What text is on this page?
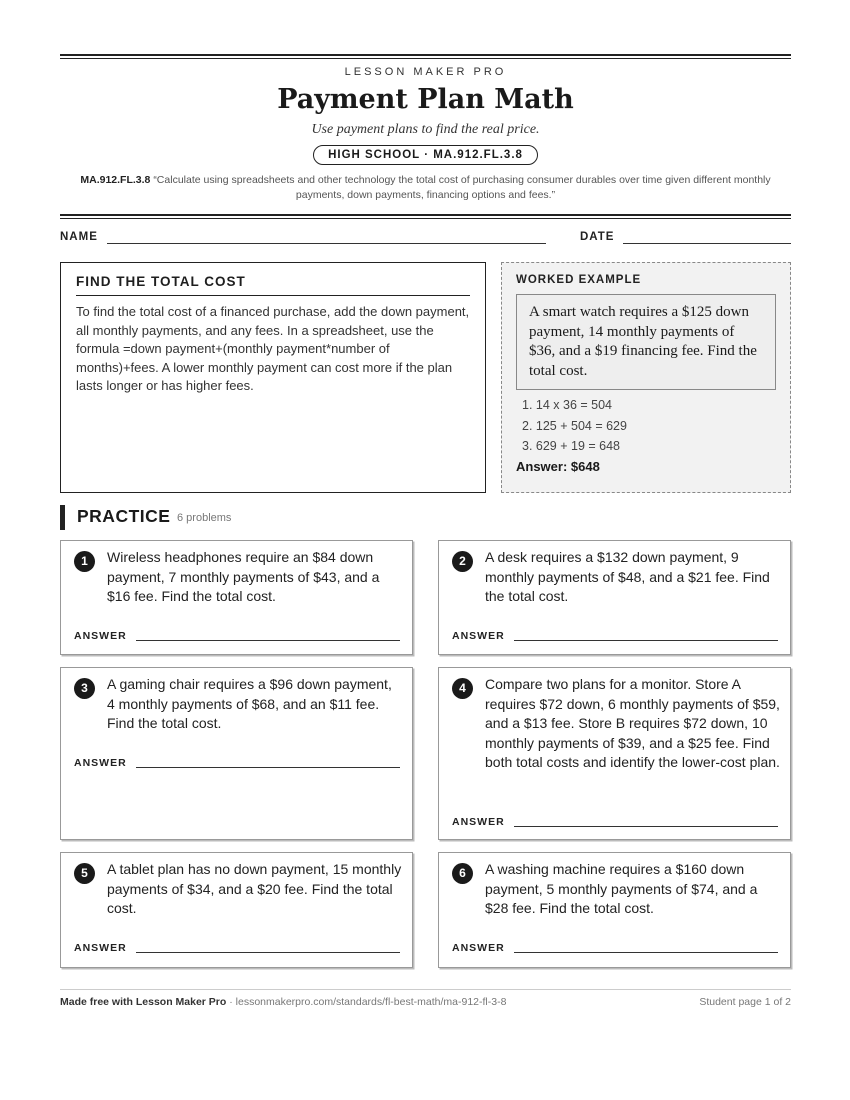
LESSON MAKER PRO
Payment Plan Math
Use payment plans to find the real price.
HIGH SCHOOL · MA.912.FL.3.8
MA.912.FL.3.8 “Calculate using spreadsheets and other technology the total cost of purchasing consumer durables over time given different monthly payments, down payments, financing options and fees.”
NAME	DATE
FIND THE TOTAL COST
To find the total cost of a financed purchase, add the down payment, all monthly payments, and any fees. In a spreadsheet, use the formula =down payment+(monthly payment*number of months)+fees. A lower monthly payment can cost more if the plan lasts longer or has higher fees.
WORKED EXAMPLE
A smart watch requires a $125 down payment, 14 monthly payments of $36, and a $19 financing fee. Find the total cost.
1. 14 x 36 = 504
2. 125 + 504 = 629
3. 629 + 19 = 648
Answer: $648
PRACTICE 6 problems
1	Wireless headphones require an $84 down payment, 7 monthly payments of $43, and a $16 fee. Find the total cost.
ANSWER
2	A desk requires a $132 down payment, 9 monthly payments of $48, and a $21 fee. Find the total cost.
ANSWER
3	A gaming chair requires a $96 down payment, 4 monthly payments of $68, and an $11 fee. Find the total cost.
ANSWER
4	Compare two plans for a monitor. Store A requires $72 down, 6 monthly payments of $59, and a $13 fee. Store B requires $72 down, 10 monthly payments of $39, and a $25 fee. Find both total costs and identify the lower-cost plan.
ANSWER
5	A tablet plan has no down payment, 15 monthly payments of $34, and a $20 fee. Find the total cost.
ANSWER
6	A washing machine requires a $160 down payment, 5 monthly payments of $74, and a $28 fee. Find the total cost.
ANSWER
Made free with Lesson Maker Pro · lessonmakerpro.com/standards/fl-best-math/ma-912-fl-3-8	Student page 1 of 2
